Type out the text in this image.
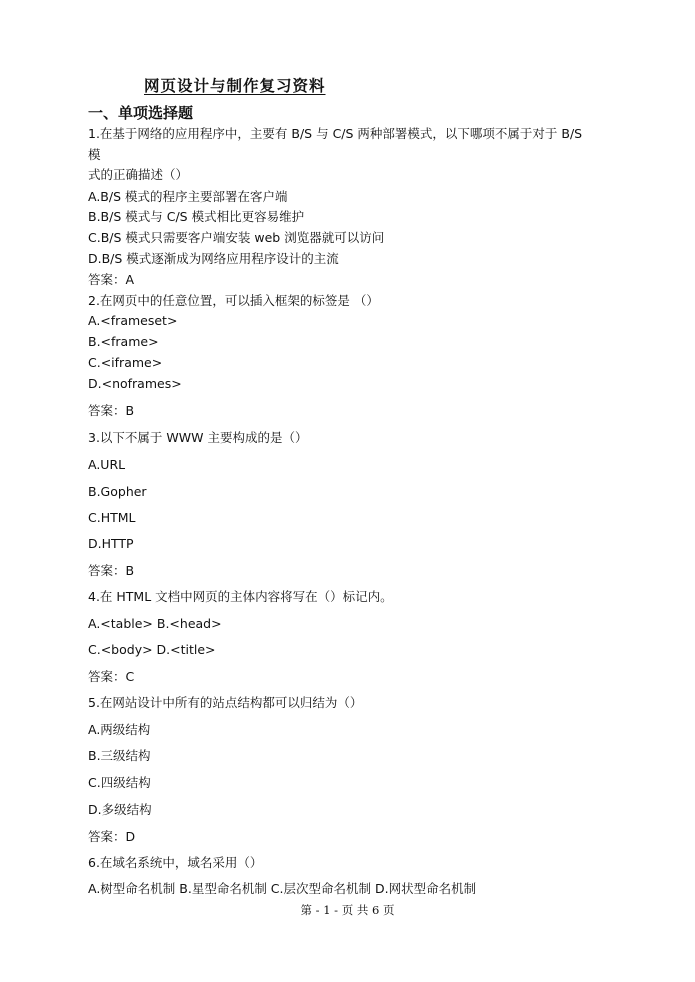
网页设计与制作复习资料
一、单项选择题
1.在基于网络的应用程序中，主要有 B/S 与 C/S 两种部署模式，以下哪项不属于对于 B/S
模
式的正确描述（）
A.B/S 模式的程序主要部署在客户端
B.B/S 模式与 C/S 模式相比更容易维护
C.B/S 模式只需要客户端安装 web 浏览器就可以访问
D.B/S 模式逐渐成为网络应用程序设计的主流
答案：A
2.在网页中的任意位置，可以插入框架的标签是 （）
A.<frameset>
B.<frame>
C.<iframe>
D.<noframes>
答案：B
3.以下不属于 WWW 主要构成的是（）
A.URL
B.Gopher
C.HTML
D.HTTP
答案：B
4.在 HTML 文档中网页的主体内容将写在（）标记内。
A.<table> B.<head>
C.<body> D.<title>
答案：C
5.在网站设计中所有的站点结构都可以归结为（）
A.两级结构
B.三级结构
C.四级结构
D.多级结构
答案：D
6.在域名系统中，域名采用（）
A.树型命名机制 B.星型命名机制 C.层次型命名机制 D.网状型命名机制
第 - 1 - 页 共 6 页
